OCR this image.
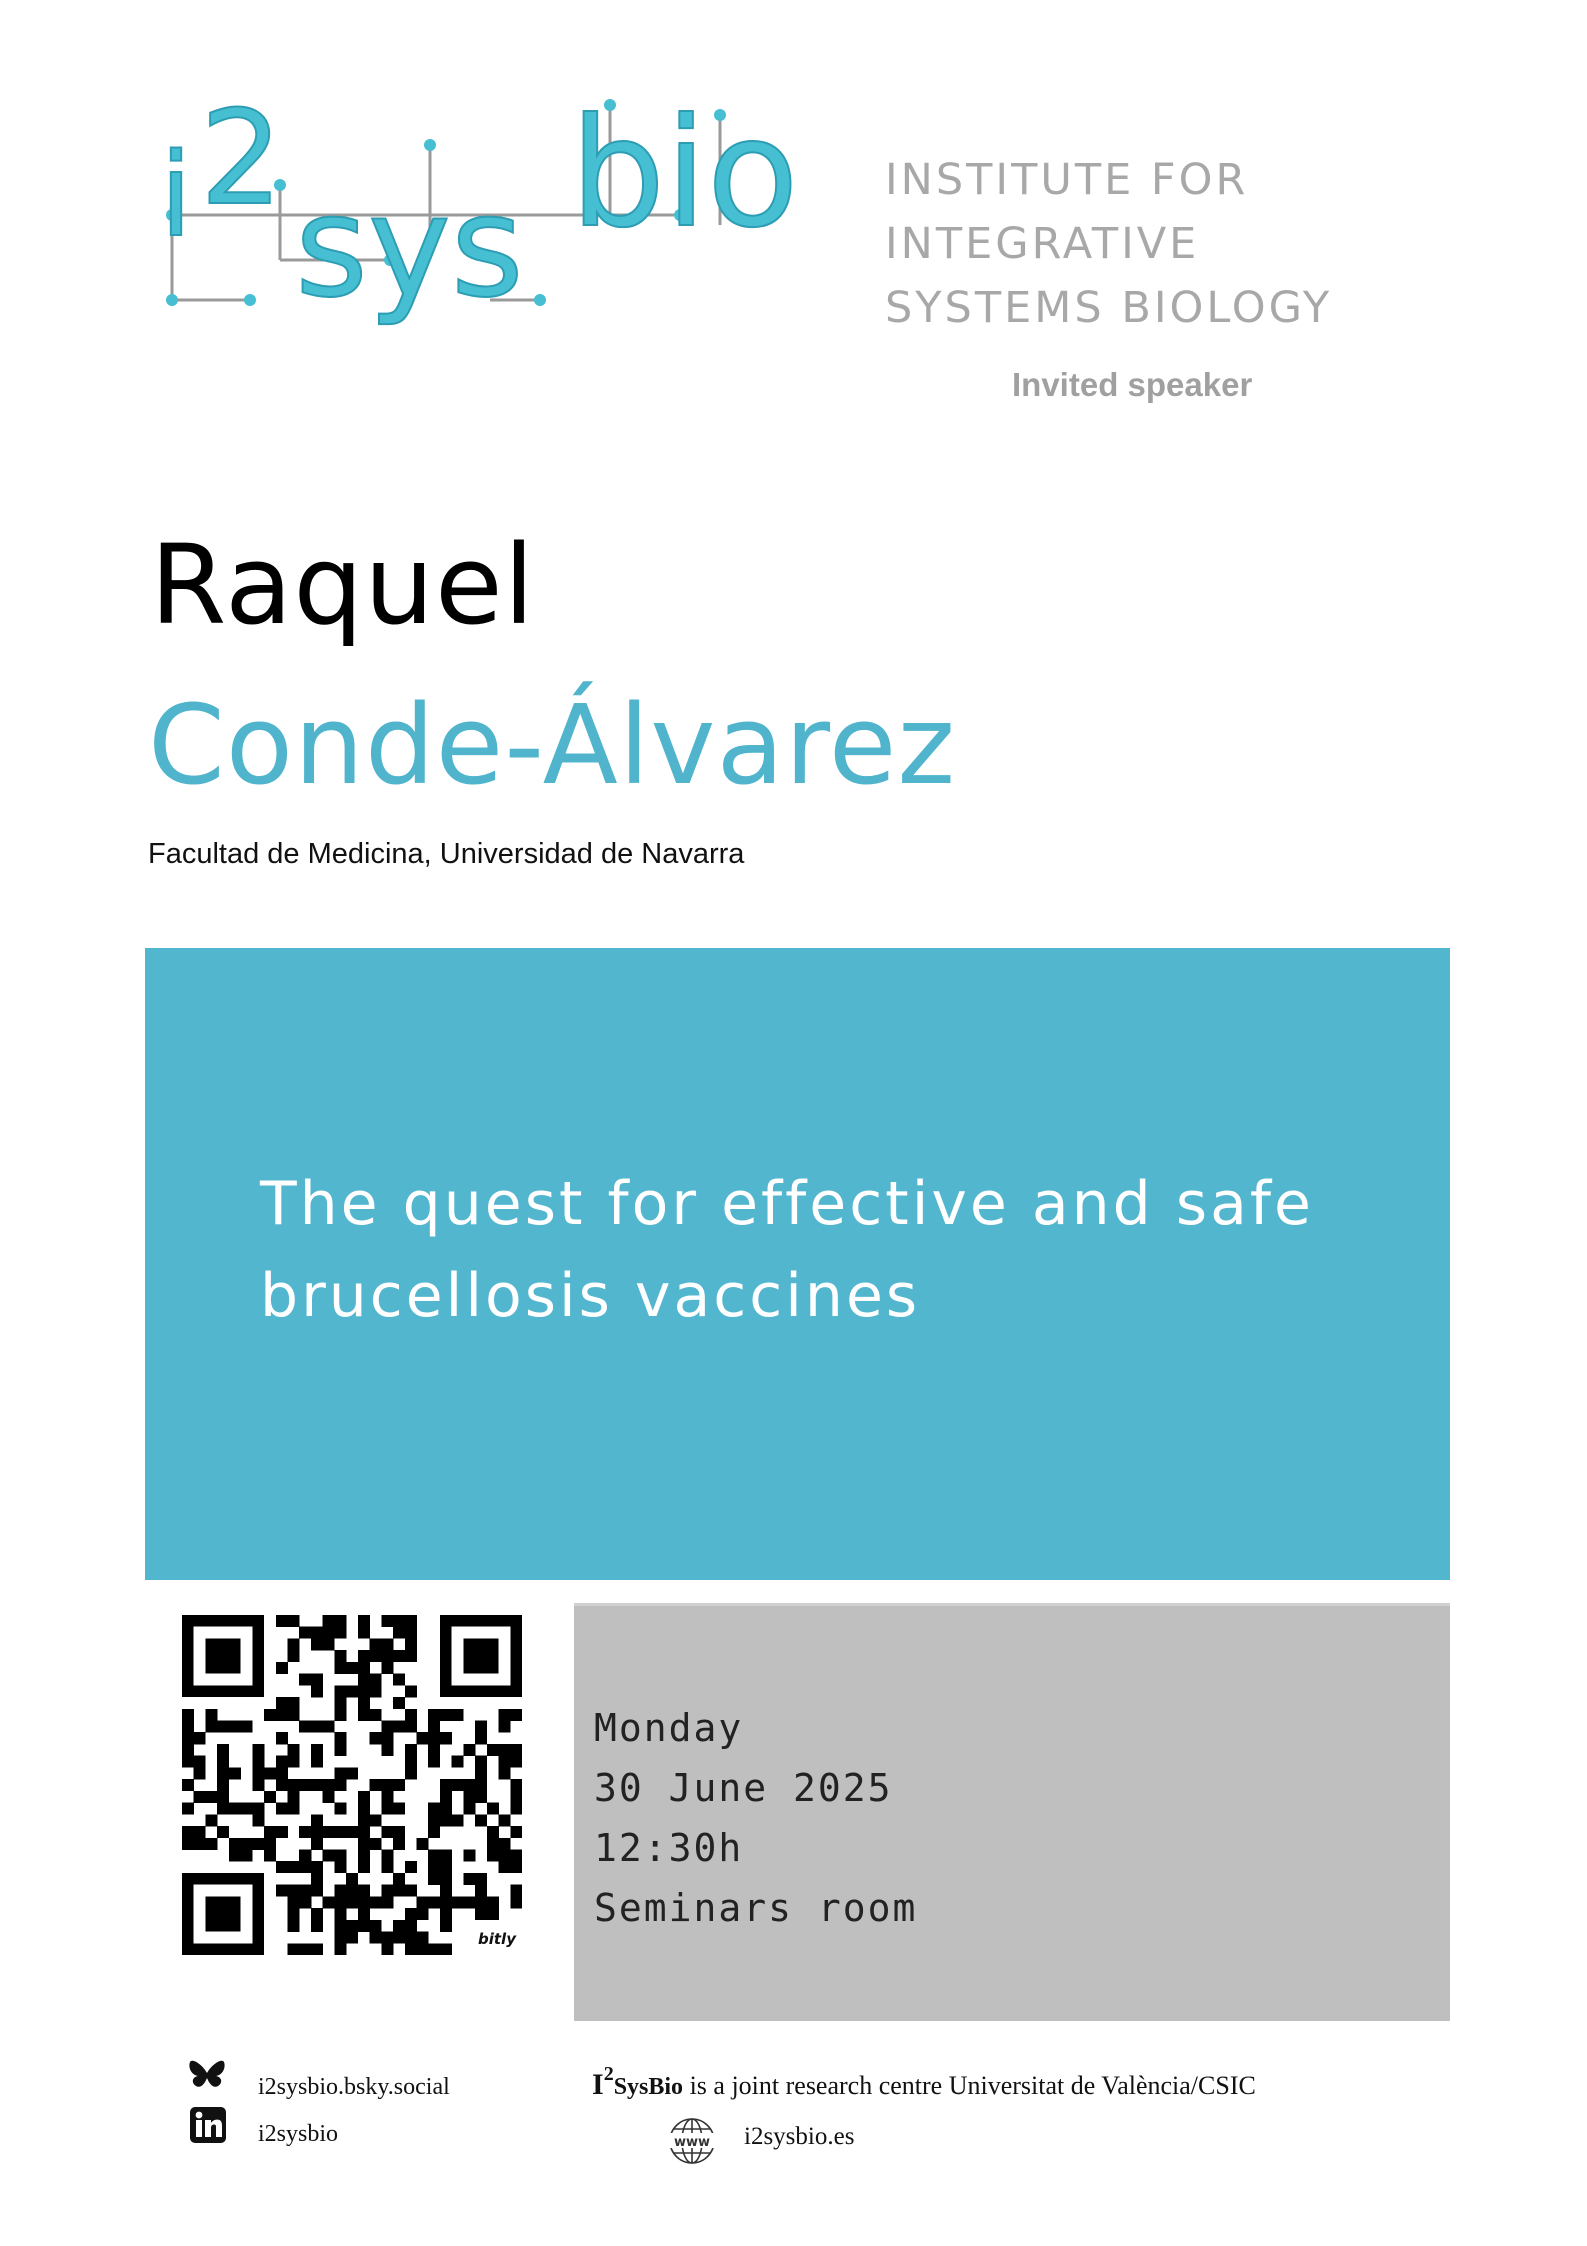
i 2
sys bio INSTITUTE FOR
INTEGRATIVE
SYSTEMS BIOLOGY
Invited speaker
Raquel
Conde-Álvarez
Facultad de Medicina, Universidad de Navarra
The quest for effective and safe
brucellosis vaccines
bitly
Monday
30 June 2025
12:30h
Seminars room
i2sysbio.bsky.social
i2sysbio
I2SysBio is a joint research centre Universitat de València/CSIC
www i2sysbio.es
